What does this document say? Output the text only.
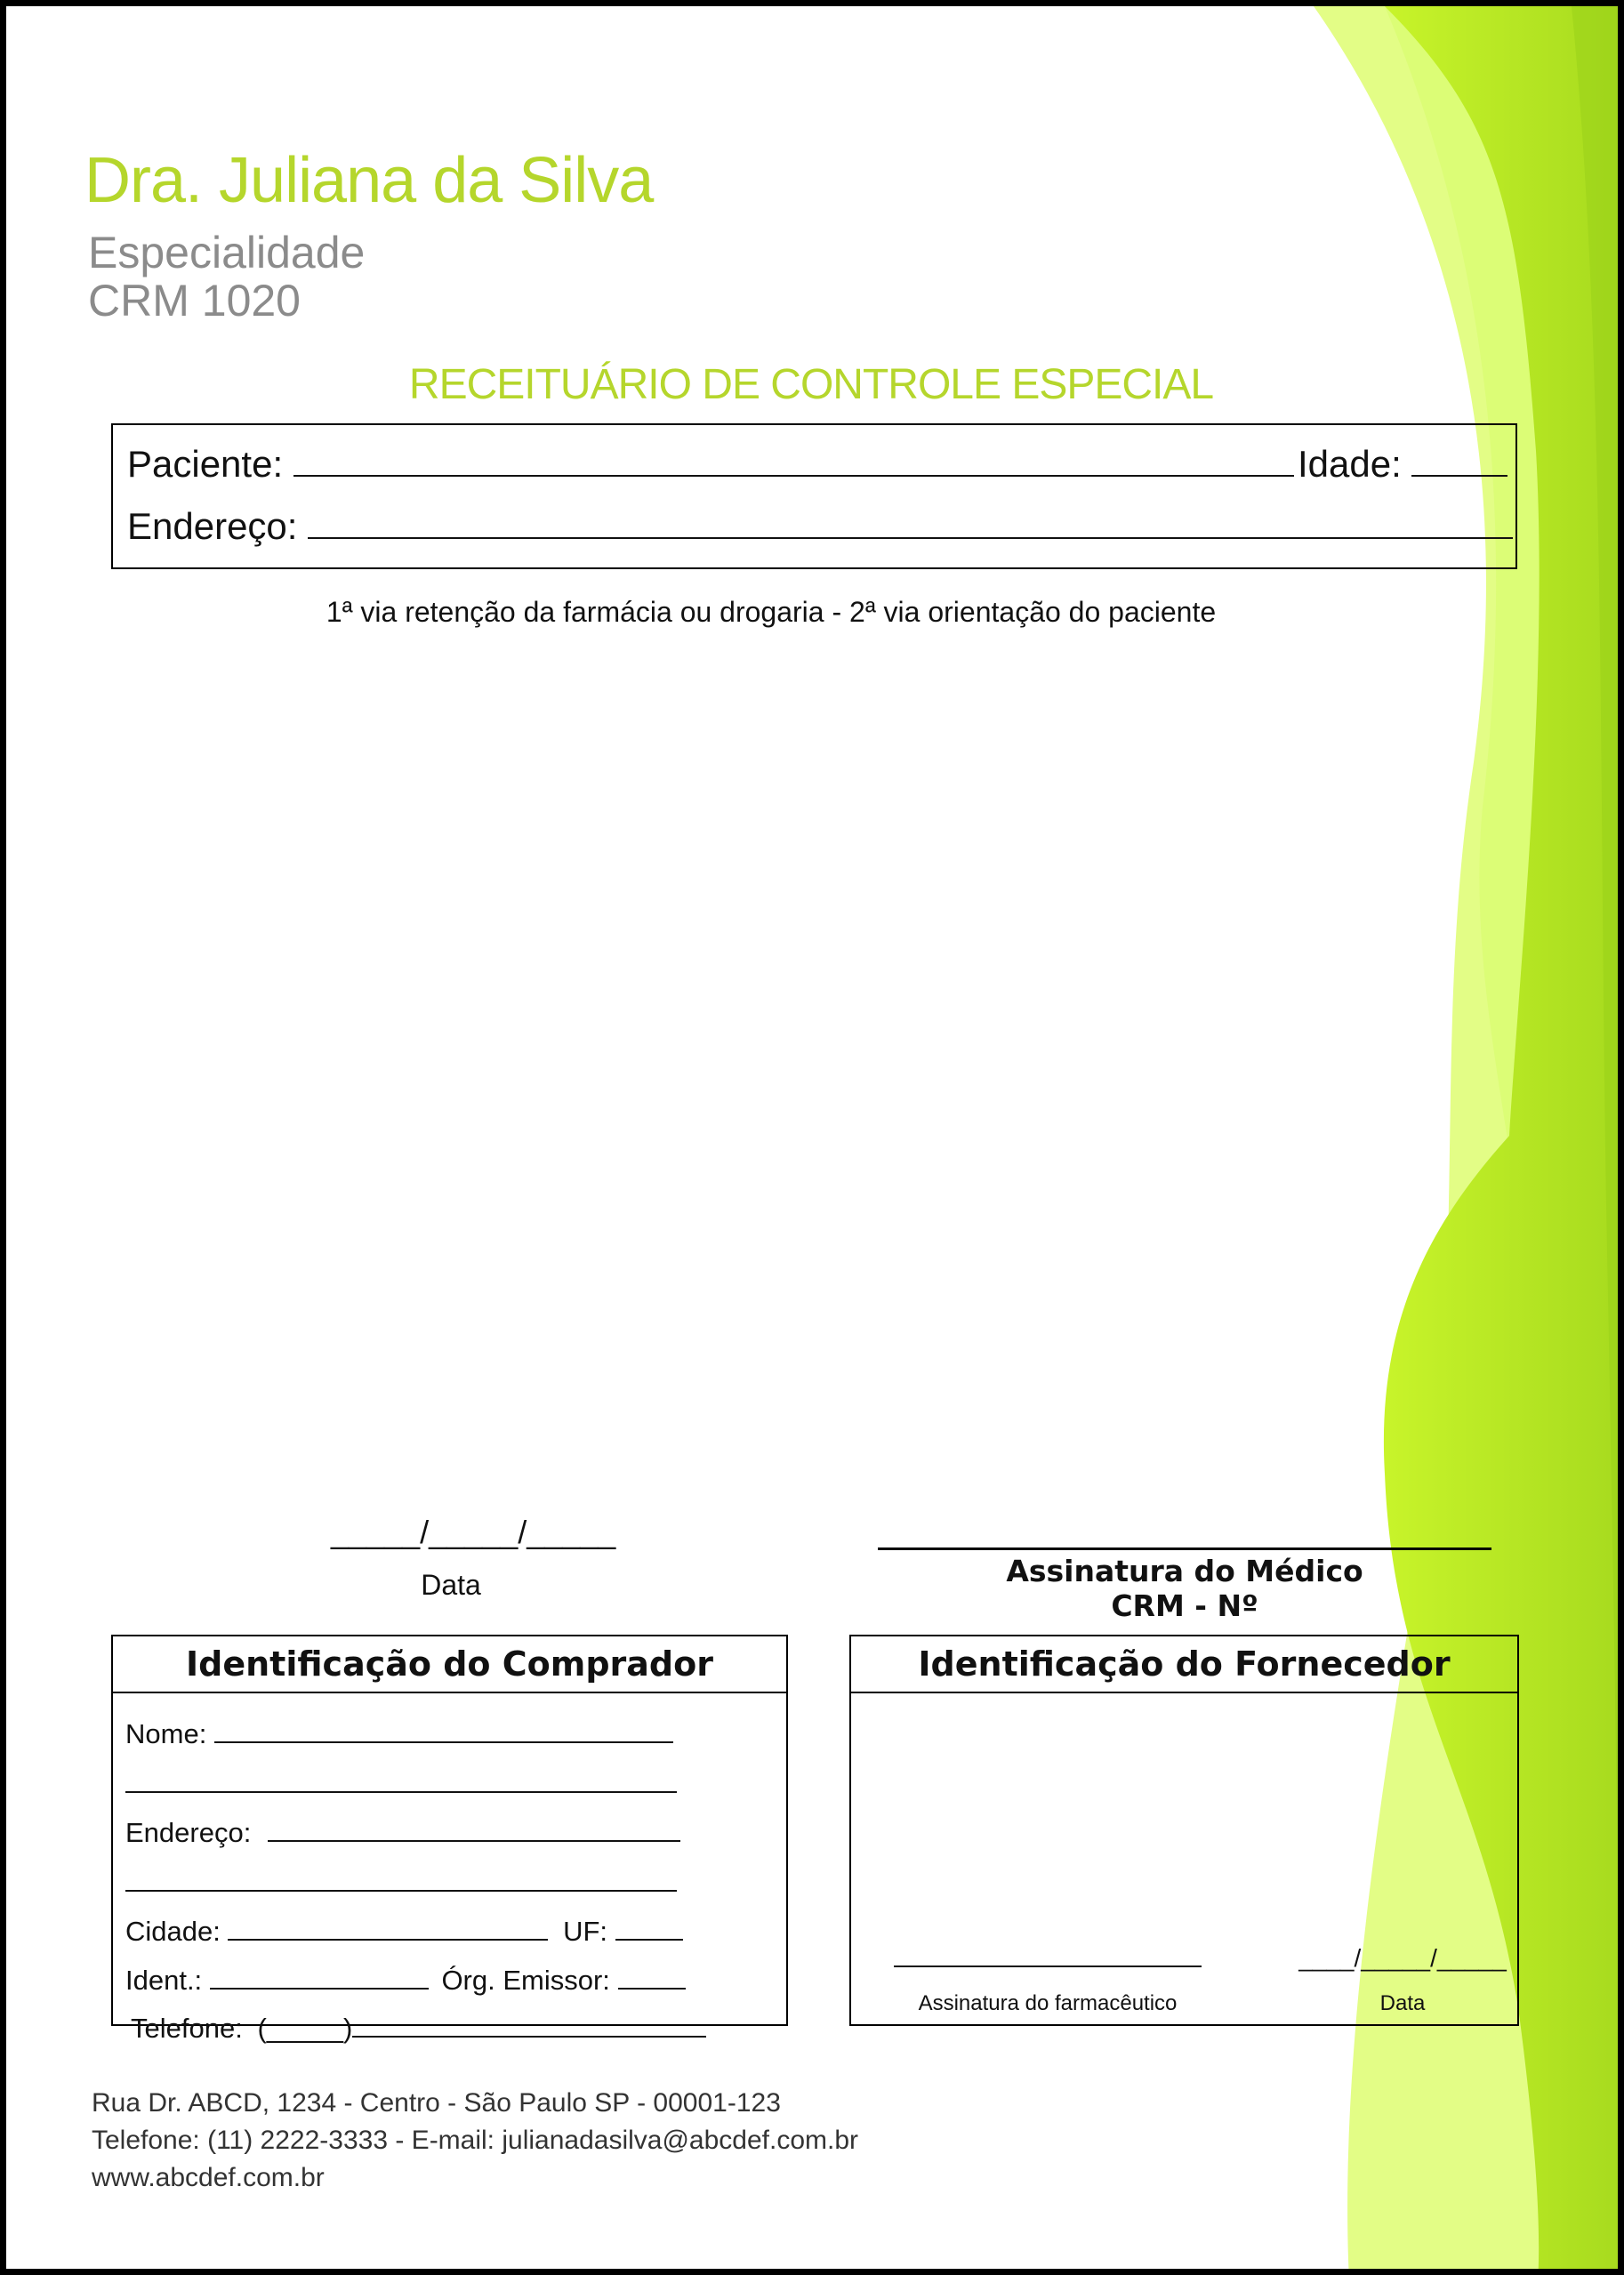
Dra. Juliana da Silva
Especialidade
CRM 1020
RECEITUÁRIO DE CONTROLE ESPECIAL
Paciente:	Idade:
Endereço:
1ª via retenção da farmácia ou drogaria - 2ª via orientação do paciente
_____/_____/_____
Data	Assinatura do Médico
CRM - Nº
Identificação do Comprador
Nome:
Endereço:
Cidade:	UF:
Ident.:	Órg. Emissor:
Telefone: (_____)
Identificação do Fornecedor
Assinatura do farmacêutico
____/_____/_____
Data
Rua Dr. ABCD, 1234 - Centro - São Paulo SP - 00001-123
Telefone: (11) 2222-3333 - E-mail: julianadasilva@abcdef.com.br
www.abcdef.com.br
